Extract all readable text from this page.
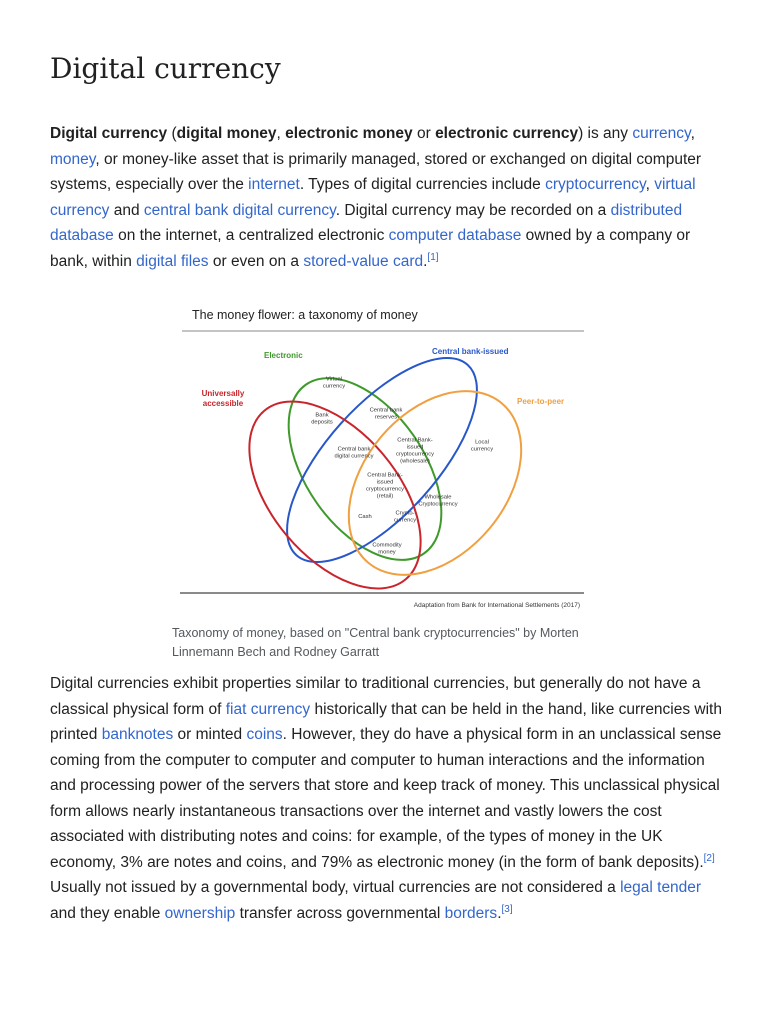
Digital currency

Digital currency (digital money, electronic money or electronic currency) is any currency, money, or money-like asset that is primarily managed, stored or exchanged on digital computer systems, especially over the internet. Types of digital currencies include cryptocurrency, virtual currency and central bank digital currency. Digital currency may be recorded on a distributed database on the internet, a centralized electronic computer database owned by a company or bank, within digital files or even on a stored-value card.[1]

The money flower: a taxonomy of money
Electronic	Central bank-issued
Universally accessible	Peer-to-peer
Virtual currency
Central bank reserves
Bank deposits
Local currency
Central bank digital currency
Central Bank-issued cryptocurrency (wholesale)
Central Bank-issued cryptocurrency (retail)	Wholesale Cryptocurrency
Cash
Crypto-currency
Commodity money
Adaptation from Bank for International Settlements (2017)

Taxonomy of money, based on "Central bank cryptocurrencies" by Morten Linnemann Bech and Rodney Garratt

Digital currencies exhibit properties similar to traditional currencies, but generally do not have a classical physical form of fiat currency historically that can be held in the hand, like currencies with printed banknotes or minted coins. However, they do have a physical form in an unclassical sense coming from the computer to computer and computer to human interactions and the information and processing power of the servers that store and keep track of money. This unclassical physical form allows nearly instantaneous transactions over the internet and vastly lowers the cost associated with distributing notes and coins: for example, of the types of money in the UK economy, 3% are notes and coins, and 79% as electronic money (in the form of bank deposits).[2] Usually not issued by a governmental body, virtual currencies are not considered a legal tender and they enable ownership transfer across governmental borders.[3]
